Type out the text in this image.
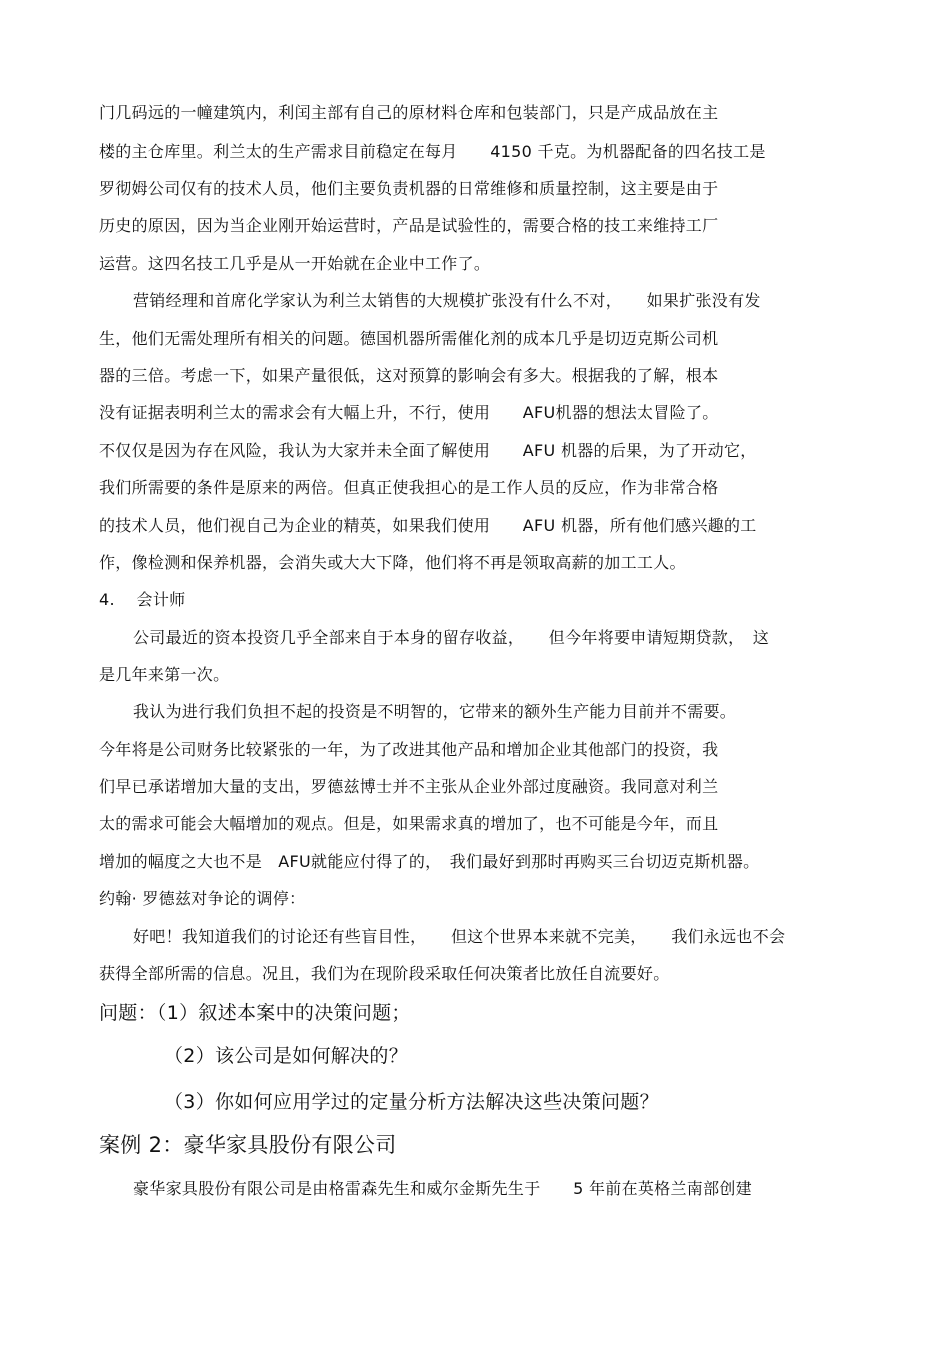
门几码远的一幢建筑内，利闰主部有自己的原材料仓库和包装部门，只是产成品放在主
楼的主仓库里。利兰太的生产需求目前稳定在每月　　4150 千克。为机器配备的四名技工是
罗彻姆公司仅有的技术人员，他们主要负责机器的日常维修和质量控制，这主要是由于
历史的原因，因为当企业刚开始运营时，产品是试验性的，需要合格的技工来维持工厂
运营。这四名技工几乎是从一开始就在企业中工作了。
营销经理和首席化学家认为利兰太销售的大规模扩张没有什么不对，　　如果扩张没有发
生，他们无需处理所有相关的问题。德国机器所需催化剂的成本几乎是切迈克斯公司机
器的三倍。考虑一下，如果产量很低，这对预算的影响会有多大。根据我的了解，根本
没有证据表明利兰太的需求会有大幅上升，不行，使用　　AFU机器的想法太冒险了。
不仅仅是因为存在风险，我认为大家并未全面了解使用　　AFU 机器的后果，为了开动它，
我们所需要的条件是原来的两倍。但真正使我担心的是工作人员的反应，作为非常合格
的技术人员，他们视自己为企业的精英，如果我们使用　　AFU 机器，所有他们感兴趣的工
作，像检测和保养机器，会消失或大大下降，他们将不再是领取高薪的加工工人。
4.　 会计师
公司最近的资本投资几乎全部来自于本身的留存收益，　　但今年将要申请短期贷款，　这
是几年来第一次。
我认为进行我们负担不起的投资是不明智的，它带来的额外生产能力目前并不需要。
今年将是公司财务比较紧张的一年，为了改进其他产品和增加企业其他部门的投资，我
们早已承诺增加大量的支出，罗德兹博士并不主张从企业外部过度融资。我同意对利兰
太的需求可能会大幅增加的观点。但是，如果需求真的增加了，也不可能是今年，而且
增加的幅度之大也不是　AFU就能应付得了的，　我们最好到那时再购买三台切迈克斯机器。
约翰· 罗德兹对争论的调停：
好吧！我知道我们的讨论还有些盲目性，　　但这个世界本来就不完美，　　我们永远也不会
获得全部所需的信息。况且，我们为在现阶段采取任何决策者比放任自流要好。
问题：（1）叙述本案中的决策问题；
（2）该公司是如何解决的？
（3）你如何应用学过的定量分析方法解决这些决策问题？
案例 2：豪华家具股份有限公司
豪华家具股份有限公司是由格雷森先生和威尔金斯先生于　　5 年前在英格兰南部创建
